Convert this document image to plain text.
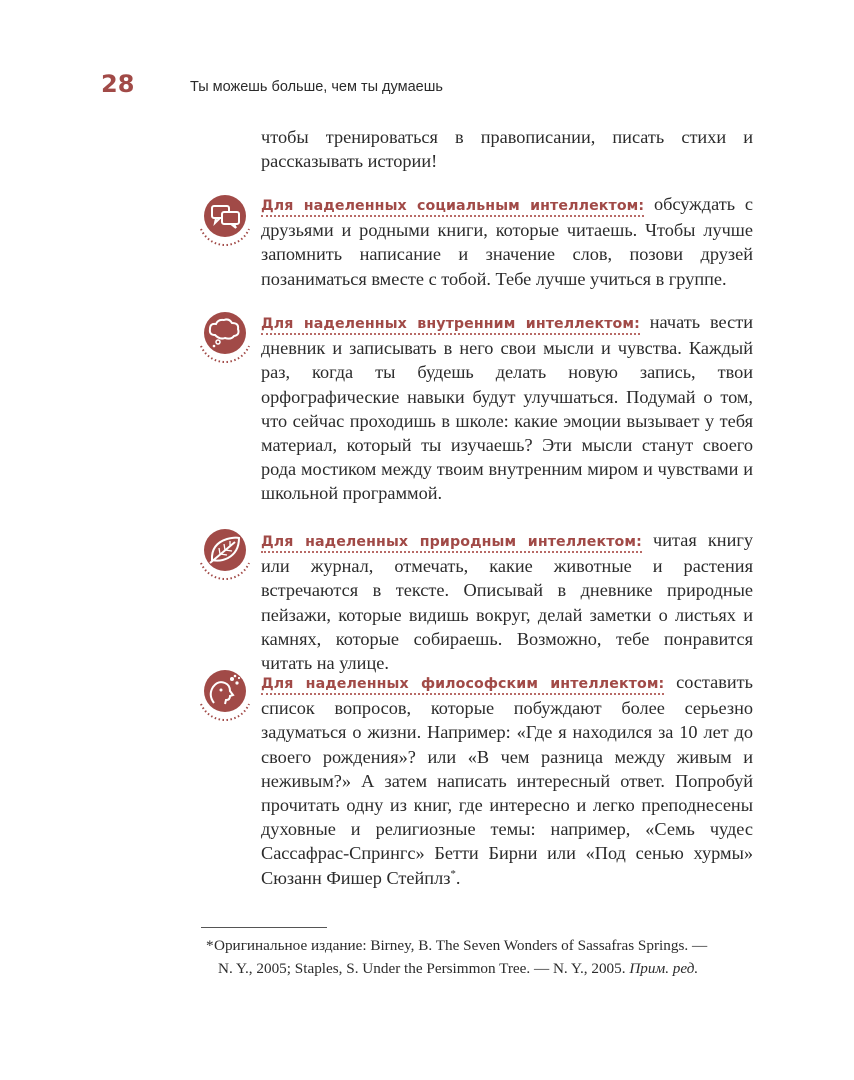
28	Ты можешь больше, чем ты думаешь

чтобы тренироваться в правописании, писать стихи и рассказывать истории!

Для наделенных социальным интеллектом: обсуждать с друзьями и родными книги, которые читаешь. Чтобы лучше запомнить написание и значение слов, позови друзей позаниматься вместе с тобой. Тебе лучше учиться в группе.

Для наделенных внутренним интеллектом: начать вести дневник и записывать в него свои мысли и чувства. Каждый раз, когда ты будешь делать новую запись, твои орфографические навыки будут улучшаться. Подумай о том, что сейчас проходишь в школе: какие эмоции вызывает у тебя материал, который ты изучаешь? Эти мысли станут своего рода мостиком между твоим внутренним миром и чувствами и школьной программой.

Для наделенных природным интеллектом: читая книгу или журнал, отмечать, какие животные и растения встречаются в тексте. Описывай в дневнике природные пейзажи, которые видишь вокруг, делай заметки о листьях и камнях, которые собираешь. Возможно, тебе понравится читать на улице.

Для наделенных философским интеллектом: составить список вопросов, которые побуждают более серьезно задуматься о жизни. Например: «Где я находился за 10 лет до своего рождения»? или «В чем разница между живым и неживым?» А затем написать интересный ответ. Попробуй прочитать одну из книг, где интересно и легко преподнесены духовные и религиозные темы: например, «Семь чудес Сассафрас-Спрингс» Бетти Бирни или «Под сенью хурмы» Сюзанн Фишер Стейплз*.

* Оригинальное издание: Birney, B. The Seven Wonders of Sassafras Springs. —
N. Y., 2005; Staples, S. Under the Persimmon Tree. — N. Y., 2005. Прим. ред.
